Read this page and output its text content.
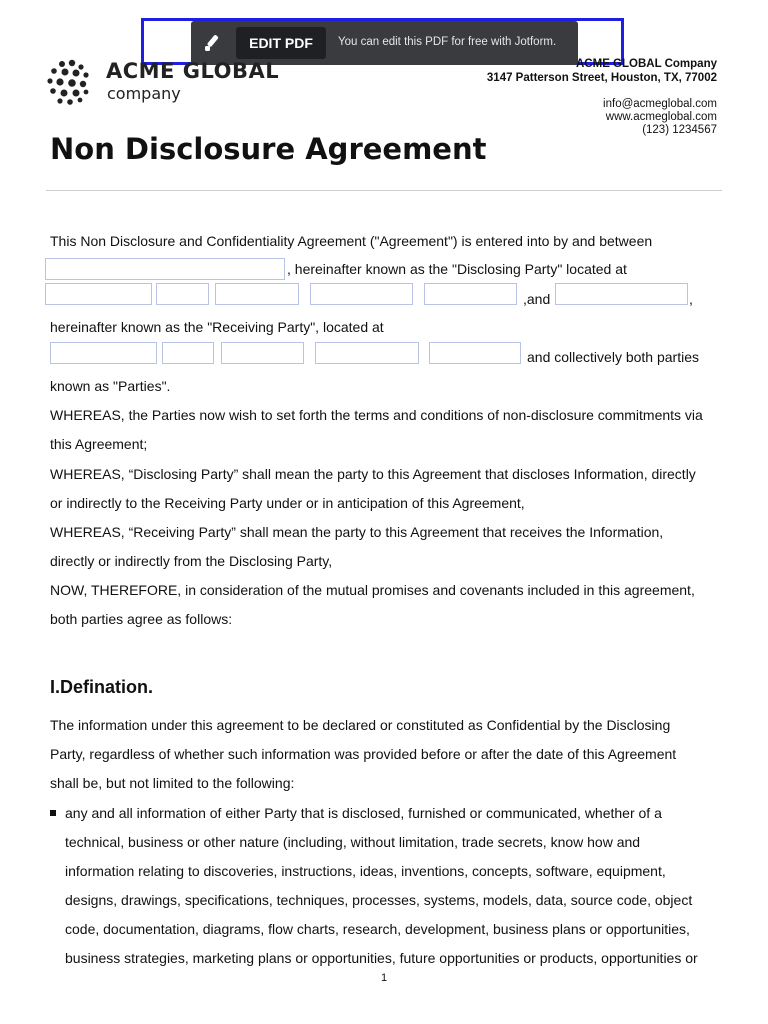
EDIT PDF	You can edit this PDF for free with Jotform.
ACME GLOBAL
company
ACME GLOBAL Company
3147 Patterson Street, Houston, TX, 77002
info@acmeglobal.com
www.acmeglobal.com
(123) 1234567
Non Disclosure Agreement
This Non Disclosure and Confidentiality Agreement ("Agreement") is entered into by and between
, hereinafter known as the "Disclosing Party" located at
,and	,
hereinafter known as the "Receiving Party", located at
and collectively both parties
known as "Parties".
WHEREAS, the Parties now wish to set forth the terms and conditions of non-disclosure commitments via
this Agreement;
WHEREAS, “Disclosing Party” shall mean the party to this Agreement that discloses Information, directly
or indirectly to the Receiving Party under or in anticipation of this Agreement,
WHEREAS, “Receiving Party” shall mean the party to this Agreement that receives the Information,
directly or indirectly from the Disclosing Party,
NOW, THEREFORE, in consideration of the mutual promises and covenants included in this agreement,
both parties agree as follows:
I.Defination.
The information under this agreement to be declared or constituted as Confidential by the Disclosing
Party, regardless of whether such information was provided before or after the date of this Agreement
shall be, but not limited to the following:
any and all information of either Party that is disclosed, furnished or communicated, whether of a
technical, business or other nature (including, without limitation, trade secrets, know how and
information relating to discoveries, instructions, ideas, inventions, concepts, software, equipment,
designs, drawings, specifications, techniques, processes, systems, models, data, source code, object
code, documentation, diagrams, flow charts, research, development, business plans or opportunities,
business strategies, marketing plans or opportunities, future opportunities or products, opportunities or
1
